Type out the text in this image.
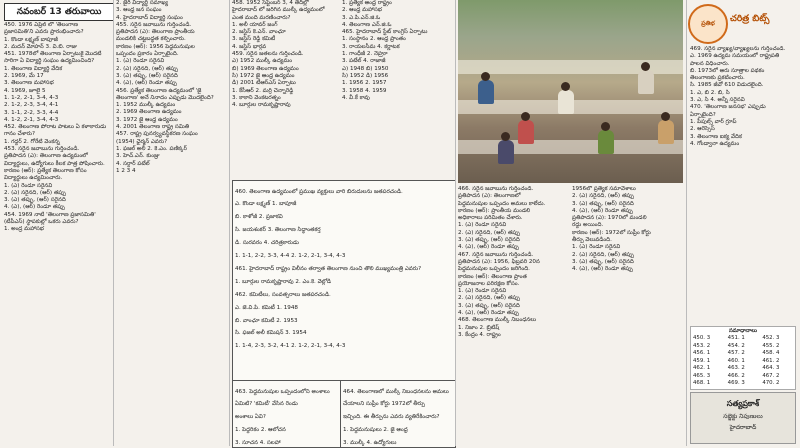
నవంబర్ 13 తరువాయి

450. 1976 ఏప్రిల్ లో 'తెలంగాణ

ప్రజాసమితి'ని ఎవరు ప్రారంభించారు?

1. కొండా లక్ష్మణ్ బాపూజీ

2. మదన్ మోహన్ 3. వి.బి. రాజు

451. 1978లో తెలంగాణ ఏర్పాటుకై మొదటి

సారిగా ఏ విద్యార్థి సంఘం ఉద్యమించింది?

1. తెలంగాణ విద్యార్థి వేదిక

2. 1969, మే 17

3. తెలంగాణ మహాసభ

4. 1969, జూలై 5

1. 1-2, 2-1, 3-4, 4-3

2. 1-2, 2-3, 3-4, 4-1

3. 1-1, 2-2, 3-3, 4-4

4. 1-2, 2-1, 3-4, 4-3

452. తెలంగాణ పోరాట పాటలు ఏ కళాకారుడు

గానం చేశారు?

1. గద్దర్ 2. గోరేటి వెంకన్న

453. సరైన జవాబును గుర్తించండి.

ప్రతిపాదన (ఎ): తెలంగాణ ఉద్యమంలో

విద్యార్థులు, ఉద్యోగులు కీలక పాత్ర పోషించారు.

కారణం (ఆర్): ప్రత్యేక తెలంగాణ కోసం

విద్యార్థులు ఉద్యమించారు.

1. (ఎ) రెండూ సరైనవి

2. (ఎ) సరైనది, (ఆర్) తప్పు

3. (ఎ) తప్పు, (ఆర్) సరైనది

4. (ఎ), (ఆర్) రెండూ తప్పు

454. 1969 నాటి 'తెలంగాణ ప్రజాసమితి'

(టీపీఎస్) స్థాపకుల్లో ఒకరు ఎవరు?

1. అంద్ర మహాసభ

2. జైరి విద్యార్థి సమాఖ్య

3. ఆంధ్ర జన సంఘం

4. హైదరాబాద్ విద్యార్థి సంఘం

455. సరైన జవాబును గుర్తించండి.

ప్రతిపాదన (ఎ): తెలంగాణ ప్రాంతీయ

మండలికి చట్టబద్ధత కల్పించారు.

కారణం (ఆర్): 1956 పెద్దమనుషుల

ఒప్పందం ప్రకారం ఏర్పాటైంది.

1. (ఎ) రెండూ సరైనవి

2. (ఎ) సరైనది, (ఆర్) తప్పు

3. (ఎ) తప్పు, (ఆర్) సరైనది

4. (ఎ), (ఆర్) రెండూ తప్పు

456. ప్రత్యేక తెలంగాణ ఉద్యమంలో 'జై

తెలంగాణ' అనే నినాదం ఎప్పుడు మొదలైంది?

1. 1952 ముల్కీ ఉద్యమం

2. 1969 తెలంగాణ ఉద్యమం

3. 1972 జై ఆంధ్ర ఉద్యమం

4. 2001 తెలంగాణ రాష్ట్ర సమితి

457. రాష్ట్ర పునర్వ్యవస్థీకరణ సంఘం

(1954) ఛైర్మన్ ఎవరు?

1. ఫజల్ అలీ 2. కె.ఎం. పణిక్కర్

3. హెచ్.ఎన్. కుంజ్రు

4. సర్దార్ పటేల్

1 2 3 4

458. 1952 సెప్టెంబర్ 3, 4 తేదీల్లో

హైదరాబాద్ లో జరిగిన ముల్కీ ఉద్యమంలో

ఎంత మంది మరణించారు?

1. అలీ యావర్ జంగ్

2. జస్టిస్ కె.ఎన్. వాంఛూ

3. జస్టిస్ రెడ్డి కమిటీ

4. జస్టిస్ భార్గవ

459. సరైన జతలను గుర్తించండి.

ఎ) 1952 ముల్కీ ఉద్యమం

బి) 1969 తెలంగాణ ఉద్యమం

సి) 1972 జై ఆంధ్ర ఉద్యమం

డి) 2001 టీఆర్ఎస్ ఏర్పాటు

1. కేసీఆర్ 2. మర్రి చెన్నారెడ్డి

3. కాకాని వెంకటరత్నం

4. బూర్గుల రామకృష్ణారావు

1. ప్రత్యేక ఆంధ్ర రాష్ట్రం

2. ఆంధ్ర మహాసభ

3. ఎ.పి.ఎన్.జి.ఓ

4. తెలంగాణ ఎన్.జి.ఓ

465. హైదరాబాద్ స్టేట్ కాంగ్రెస్ ఏర్పాటు

1. సంస్థానం 2. ఆంధ్ర ప్రాంతం

3. రాయలసీమ 4. కర్ణాటక

1. గాంధీజీ 2. నెహ్రూ

3. పటేల్ 4. రాజాజీ

ఎ) 1948 బి) 1950

సి) 1952 డి) 1956

1. 1956 2. 1957

3. 1958 4. 1959

4. వీ.కే కావు

460. తెలంగాణ ఉద్యమంలో ప్రముఖ వ్యక్తులు వారి బిరుదులను జతపరచండి.

ఎ. కొండా లక్ష్మణ్ 1. బాపూజీ

బి. కాళోజీ 2. ప్రజాకవి

సి. జయశంకర్ 3. తెలంగాణ సిద్ధాంతకర్త

డి. సురవరం 4. చరిత్రకారుడు

1. 1-1, 2-2, 3-3, 4-4 2. 1-2, 2-1, 3-4, 4-3

461. హైదరాబాద్ రాష్ట్రం విలీనం తర్వాత తెలంగాణ నుంచి తొలి ముఖ్యమంత్రి ఎవరు?

1. బూర్గుల రామకృష్ణారావు 2. ఎం.కె. వెల్లోడి

462. కమిటీలు, సంవత్సరాలు జతపరచండి.

ఎ. జె.వి.పి. కమిటీ 1. 1948

బి. వాంఛూ కమిటీ 2. 1953

సి. ఫజల్ అలీ కమిషన్ 3. 1954

1. 1-4, 2-3, 3-2, 4-1 2. 1-2, 2-1, 3-4, 4-3

463. పెద్దమనుషుల ఒప్పందంలోని అంశాలు

ఏమిటి? 'కమిటీ' వేసిన రెండు

అంశాలు ఏవి?

1. పెద్దరికం 2. ఆలోచన

3. సూచన 4. సలహా

464. తెలంగాణలో ముల్కీ నిబంధనలను అమలు

చేయాలని సుప్రీం కోర్టు 1972లో తీర్పు

ఇచ్చింది. ఈ తీర్పును ఎవరు వ్యతిరేకించారు?

1. పెద్దమనుషులు 2. జై ఆంధ్ర

3. ముల్కీ 4. ఉద్యోగులు

466. సరైన జవాబును గుర్తించండి.

ప్రతిపాదన (ఎ): తెలంగాణలో

పెద్దమనుషుల ఒప్పందం అమలు కాలేదు.

కారణం (ఆర్): ప్రాంతీయ మండలి

అధికారాలు పరిమితం చేశారు.

1. (ఎ) రెండూ సరైనవి

2. (ఎ) సరైనది, (ఆర్) తప్పు

3. (ఎ) తప్పు, (ఆర్) సరైనది

4. (ఎ), (ఆర్) రెండూ తప్పు

467. సరైన జవాబును గుర్తించండి.

ప్రతిపాదన (ఎ): 1956, ఫిబ్రవరి 20న

పెద్దమనుషుల ఒప్పందం జరిగింది.

కారణం (ఆర్): తెలంగాణ ప్రాంత

ప్రయోజనాల పరిరక్షణ కోసం.

1. (ఎ) రెండూ సరైనవి

2. (ఎ) సరైనది, (ఆర్) తప్పు

3. (ఎ) తప్పు, (ఆర్) సరైనది

4. (ఎ), (ఆర్) రెండూ తప్పు

468. తెలంగాణ ముల్కీ నిబంధనలు

1. నిజాం 2. బ్రిటిష్

3. కేంద్రం 4. రాష్ట్రం

1956లో ప్రత్యేక సమావేశాలు

2. (ఎ) సరైనది, (ఆర్) తప్పు

3. (ఎ) తప్పు, (ఆర్) సరైనది

4. (ఎ), (ఆర్) రెండూ తప్పు

ప్రతిపాదన (ఎ): 1970లో మండలి

రద్దు అయింది.

కారణం (ఆర్): 1972లో సుప్రీం కోర్టు

తీర్పు వెలువడింది.

1. (ఎ) రెండూ సరైనవి

2. (ఎ) సరైనది, (ఆర్) తప్పు

3. (ఎ) తప్పు, (ఆర్) సరైనది

4. (ఎ), (ఆర్) రెండూ తప్పు

ప్రతిభ	చరిత్ర బిట్స్

469. సరైన వ్యాఖ్య/వ్యాఖ్యలను గుర్తించండి.

ఎ. 1969 ఉద్యమ సమయంలో రాష్ట్రపతి

పాలన విధించారు.

బి. 1973లో ఆరు సూత్రాల పథకం

తెలంగాణకు ప్రకటించారు.

సి. 1985 జీవో 610 విడుదలైంది.

1. ఎ, బి 2. బి, సి

3. ఎ, సి 4. అన్నీ సరైనవి

470. 'తెలంగాణ జనసభ' ఎప్పుడు

ఏర్పాటైంది?

1. పీపుల్స్ వార్ గ్రూప్

2. ఆరెస్సెస్

3. తెలంగాణ ఐక్య వేదిక

4. గోండ్వానా ఉద్యమం

సమాధానాలు
450. 3	451. 1	452. 3
453. 2	454. 2	455. 2
456. 1	457. 2	458. 4
459. 1	460. 1	461. 2
462. 1	463. 2	464. 3
465. 3	466. 2	467. 2
468. 1	469. 3	470. 2
సత్యప్రకాశ్
సబ్జెక్టు నిపుణులు
హైదరాబాద్
